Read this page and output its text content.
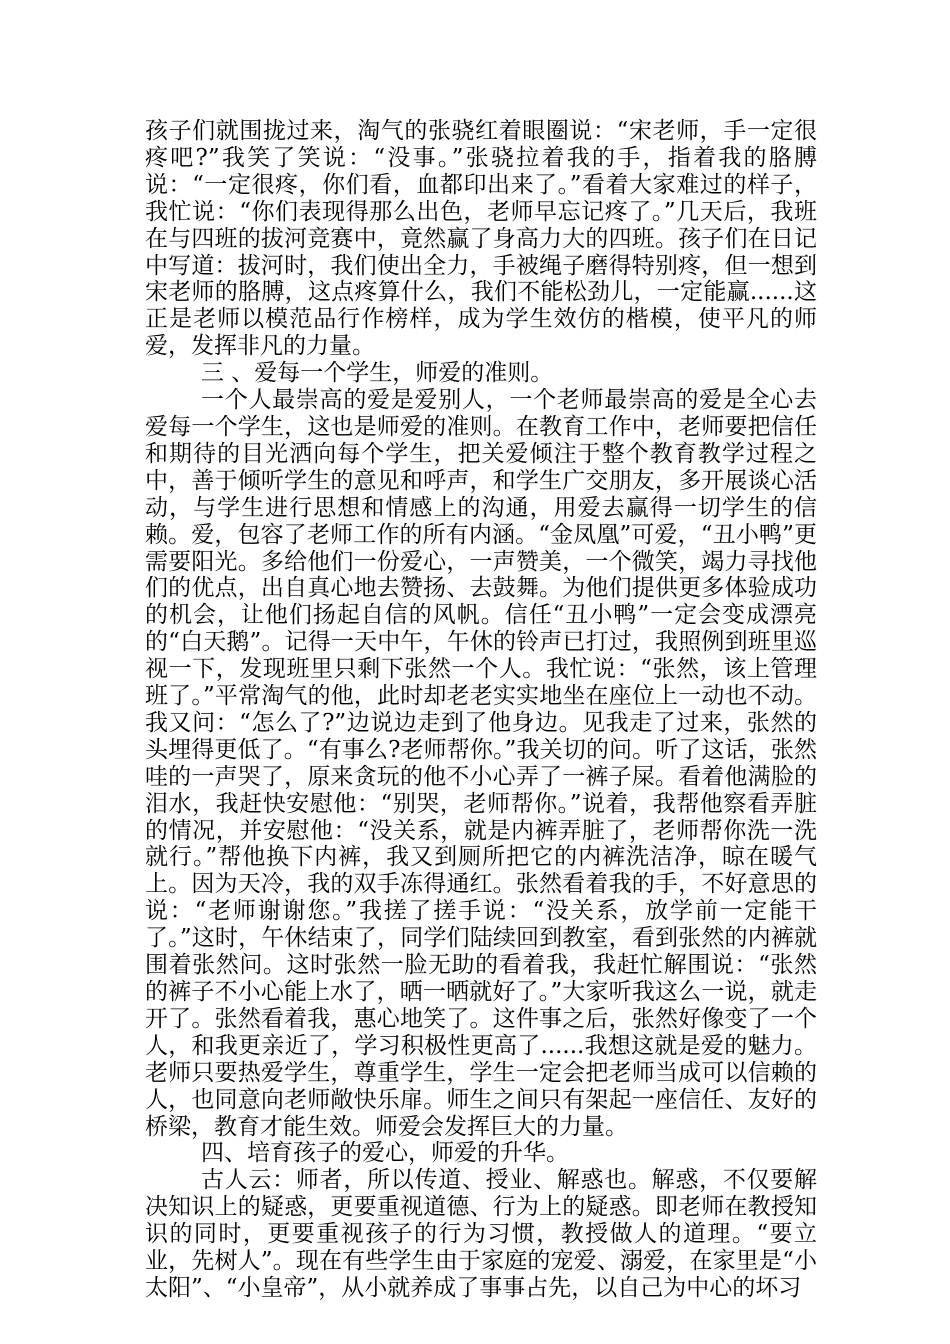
孩子们就围拢过来，淘气的张骁红着眼圈说：“宋老师，手一定很疼吧?”我笑了笑说：“没事。”张骁拉着我的手，指着我的胳膊说：“一定很疼，你们看，血都印出来了。”看着大家难过的样子，我忙说：“你们表现得那么出色，老师早忘记疼了。”几天后，我班在与四班的拔河竞赛中，竟然赢了身高力大的四班。孩子们在日记中写道：拔河时，我们使出全力，手被绳子磨得特别疼，但一想到宋老师的胳膊，这点疼算什么，我们不能松劲儿，一定能赢......这正是老师以模范品行作榜样，成为学生效仿的楷模，使平凡的师爱，发挥非凡的力量。

三 、爱每一个学生，师爱的准则。

一个人最崇高的爱是爱别人，一个老师最崇高的爱是全心去爱每一个学生，这也是师爱的准则。在教育工作中，老师要把信任和期待的目光洒向每个学生，把关爱倾注于整个教育教学过程之中，善于倾听学生的意见和呼声，和学生广交朋友，多开展谈心活动，与学生进行思想和情感上的沟通，用爱去赢得一切学生的信赖。爱，包容了老师工作的所有内涵。“金凤凰”可爱，“丑小鸭”更需要阳光。多给他们一份爱心，一声赞美，一个微笑，竭力寻找他们的优点，出自真心地去赞扬、去鼓舞。为他们提供更多体验成功的机会，让他们扬起自信的风帆。信任“丑小鸭”一定会变成漂亮的“白天鹅”。记得一天中午，午休的铃声已打过，我照例到班里巡视一下，发现班里只剩下张然一个人。我忙说：“张然，该上管理班了。”平常淘气的他，此时却老老实实地坐在座位上一动也不动。我又问：“怎么了?”边说边走到了他身边。见我走了过来，张然的头埋得更低了。“有事么?老师帮你。”我关切的问。听了这话，张然哇的一声哭了，原来贪玩的他不小心弄了一裤子屎。看着他满脸的泪水，我赶快安慰他：“别哭，老师帮你。”说着，我帮他察看弄脏的情况，并安慰他：“没关系，就是内裤弄脏了，老师帮你洗一洗就行。”帮他换下内裤，我又到厕所把它的内裤洗洁净，晾在暖气上。因为天冷，我的双手冻得通红。张然看着我的手，不好意思的说：“老师谢谢您。”我搓了搓手说：“没关系，放学前一定能干了。”这时，午休结束了，同学们陆续回到教室，看到张然的内裤就围着张然问。这时张然一脸无助的看着我，我赶忙解围说：“张然的裤子不小心能上水了，晒一晒就好了。”大家听我这么一说，就走开了。张然看着我，惠心地笑了。这件事之后，张然好像变了一个人，和我更亲近了，学习积极性更高了......我想这就是爱的魅力。老师只要热爱学生，尊重学生，学生一定会把老师当成可以信赖的人，也同意向老师敞快乐扉。师生之间只有架起一座信任、友好的桥梁，教育才能生效。师爱会发挥巨大的力量。

四、培育孩子的爱心，师爱的升华。

古人云：师者，所以传道、授业、解惑也。解惑，不仅要解决知识上的疑惑，更要重视道德、行为上的疑惑。即老师在教授知识的同时，更要重视孩子的行为习惯，教授做人的道理。“要立业，先树人”。现在有些学生由于家庭的宠爱、溺爱，在家里是“小太阳”、“小皇帝”，从小就养成了事事占先，以自己为中心的坏习
